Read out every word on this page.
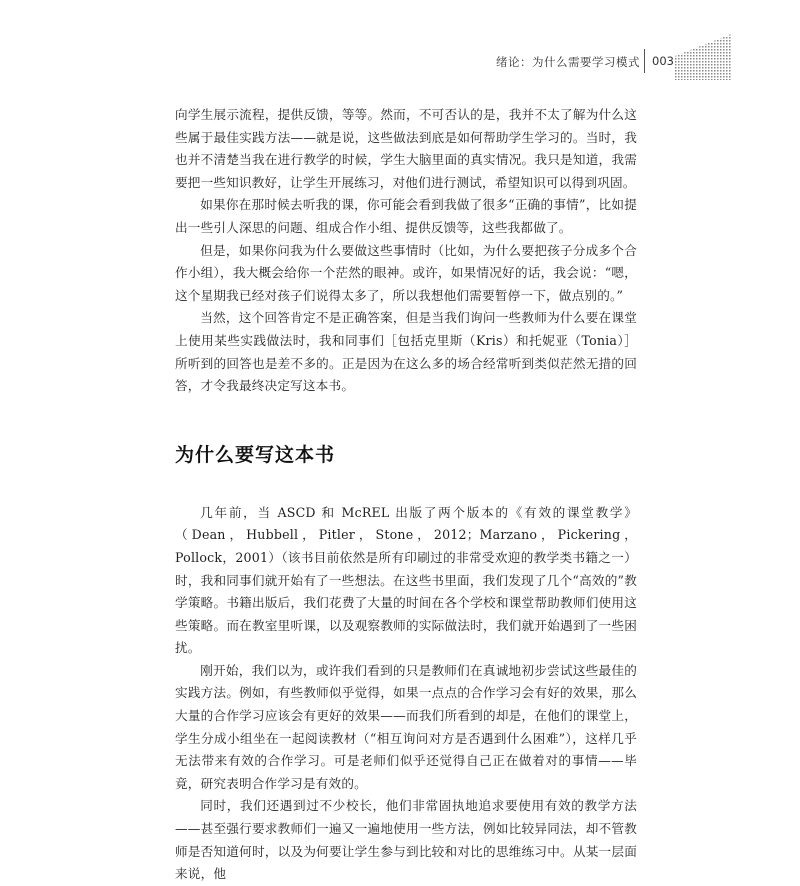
绪论：为什么需要学习模式 003

向学生展示流程，提供反馈，等等。然而，不可否认的是，我并不太了解为什么这些属于最佳实践方法——就是说，这些做法到底是如何帮助学生学习的。当时，我也并不清楚当我在进行教学的时候，学生大脑里面的真实情况。我只是知道，我需要把一些知识教好，让学生开展练习，对他们进行测试，希望知识可以得到巩固。

如果你在那时候去听我的课，你可能会看到我做了很多“正确的事情”，比如提出一些引人深思的问题、组成合作小组、提供反馈等，这些我都做了。

但是，如果你问我为什么要做这些事情时（比如，为什么要把孩子分成多个合作小组），我大概会给你一个茫然的眼神。或许，如果情况好的话，我会说：“嗯，这个星期我已经对孩子们说得太多了，所以我想他们需要暂停一下，做点别的。”

当然，这个回答肯定不是正确答案，但是当我们询问一些教师为什么要在课堂上使用某些实践做法时，我和同事们［包括克里斯（Kris）和托妮亚（Tonia）］所听到的回答也是差不多的。正是因为在这么多的场合经常听到类似茫然无措的回答，才令我最终决定写这本书。

为什么要写这本书

几年前，当 ASCD 和 McREL 出版了两个版本的《有效的课堂教学》（Dean，Hubbell，Pitler，Stone，2012；Marzano，Pickering，Pollock，2001）（该书目前依然是所有印刷过的非常受欢迎的教学类书籍之一）时，我和同事们就开始有了一些想法。在这些书里面，我们发现了几个“高效的”教学策略。书籍出版后，我们花费了大量的时间在各个学校和课堂帮助教师们使用这些策略。而在教室里听课，以及观察教师的实际做法时，我们就开始遇到了一些困扰。

刚开始，我们以为，或许我们看到的只是教师们在真诚地初步尝试这些最佳的实践方法。例如，有些教师似乎觉得，如果一点点的合作学习会有好的效果，那么大量的合作学习应该会有更好的效果——而我们所看到的却是，在他们的课堂上，学生分成小组坐在一起阅读教材（“相互询问对方是否遇到什么困难”），这样几乎无法带来有效的合作学习。可是老师们似乎还觉得自己正在做着对的事情——毕竟，研究表明合作学习是有效的。

同时，我们还遇到过不少校长，他们非常固执地追求要使用有效的教学方法——甚至强行要求教师们一遍又一遍地使用一些方法，例如比较异同法，却不管教师是否知道何时，以及为何要让学生参与到比较和对比的思维练习中。从某一层面来说，他
